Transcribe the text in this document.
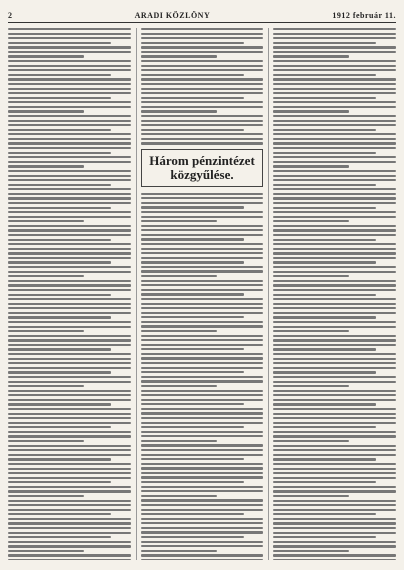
2	ARADI KÖZLÖNY	1912 február 11.
Három pénzintézet közgyűlése.
